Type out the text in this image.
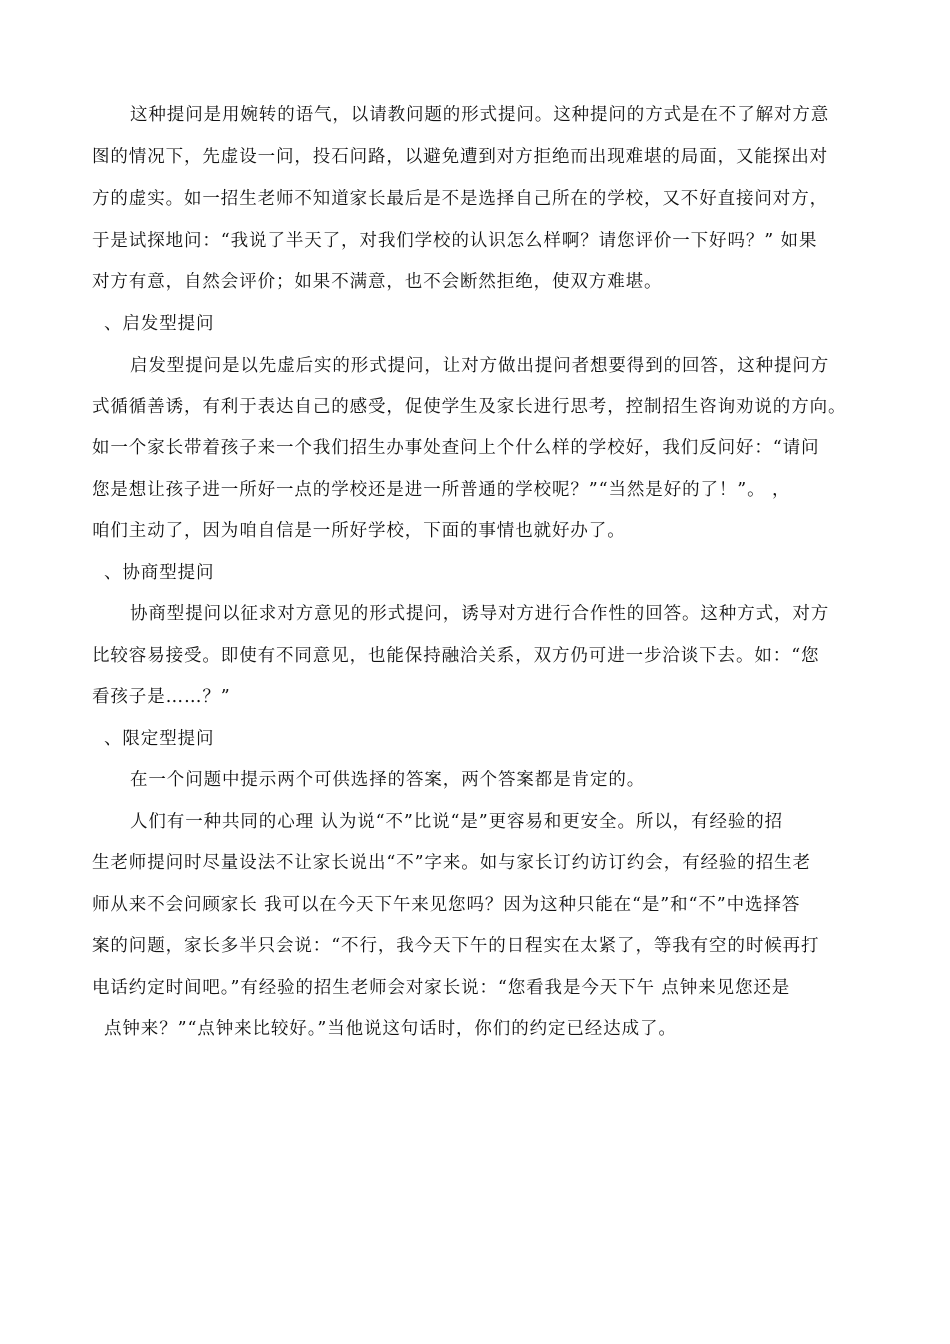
这种提问是用婉转的语气，以请教问题的形式提问。这种提问的方式是在不了解对方意
图的情况下，先虚设一问，投石问路，以避免遭到对方拒绝而出现难堪的局面，又能探出对
方的虚实。如一招生老师不知道家长最后是不是选择自己所在的学校，又不好直接问对方，
于是试探地问：“我说了半天了，对我们学校的认识怎么样啊？请您评价一下好吗？” 如果
对方有意，自然会评价；如果不满意，也不会断然拒绝，使双方难堪。
、启发型提问
启发型提问是以先虚后实的形式提问，让对方做出提问者想要得到的回答，这种提问方
式循循善诱，有利于表达自己的感受，促使学生及家长进行思考，控制招生咨询劝说的方向。
如一个家长带着孩子来一个我们招生办事处查问上个什么样的学校好，我们反问好：“请问
您是想让孩子进一所好一点的学校还是进一所普通的学校呢？”“当然是好的了！”。 ，
咱们主动了，因为咱自信是一所好学校，下面的事情也就好办了。
、协商型提问
协商型提问以征求对方意见的形式提问，诱导对方进行合作性的回答。这种方式，对方
比较容易接受。即使有不同意见，也能保持融洽关系，双方仍可进一步洽谈下去。如：“您
看孩子是……？”
、限定型提问
在一个问题中提示两个可供选择的答案，两个答案都是肯定的。
人们有一种共同的心理 认为说“不”比说“是”更容易和更安全。所以，有经验的招
生老师提问时尽量设法不让家长说出“不”字来。如与家长订约访订约会，有经验的招生老
师从来不会问顾家长 我可以在今天下午来见您吗？因为这种只能在“是”和“不”中选择答
案的问题，家长多半只会说：“不行，我今天下午的日程实在太紧了，等我有空的时候再打
电话约定时间吧。”有经验的招生老师会对家长说：“您看我是今天下午 点钟来见您还是
点钟来？”“点钟来比较好。”当他说这句话时，你们的约定已经达成了。
